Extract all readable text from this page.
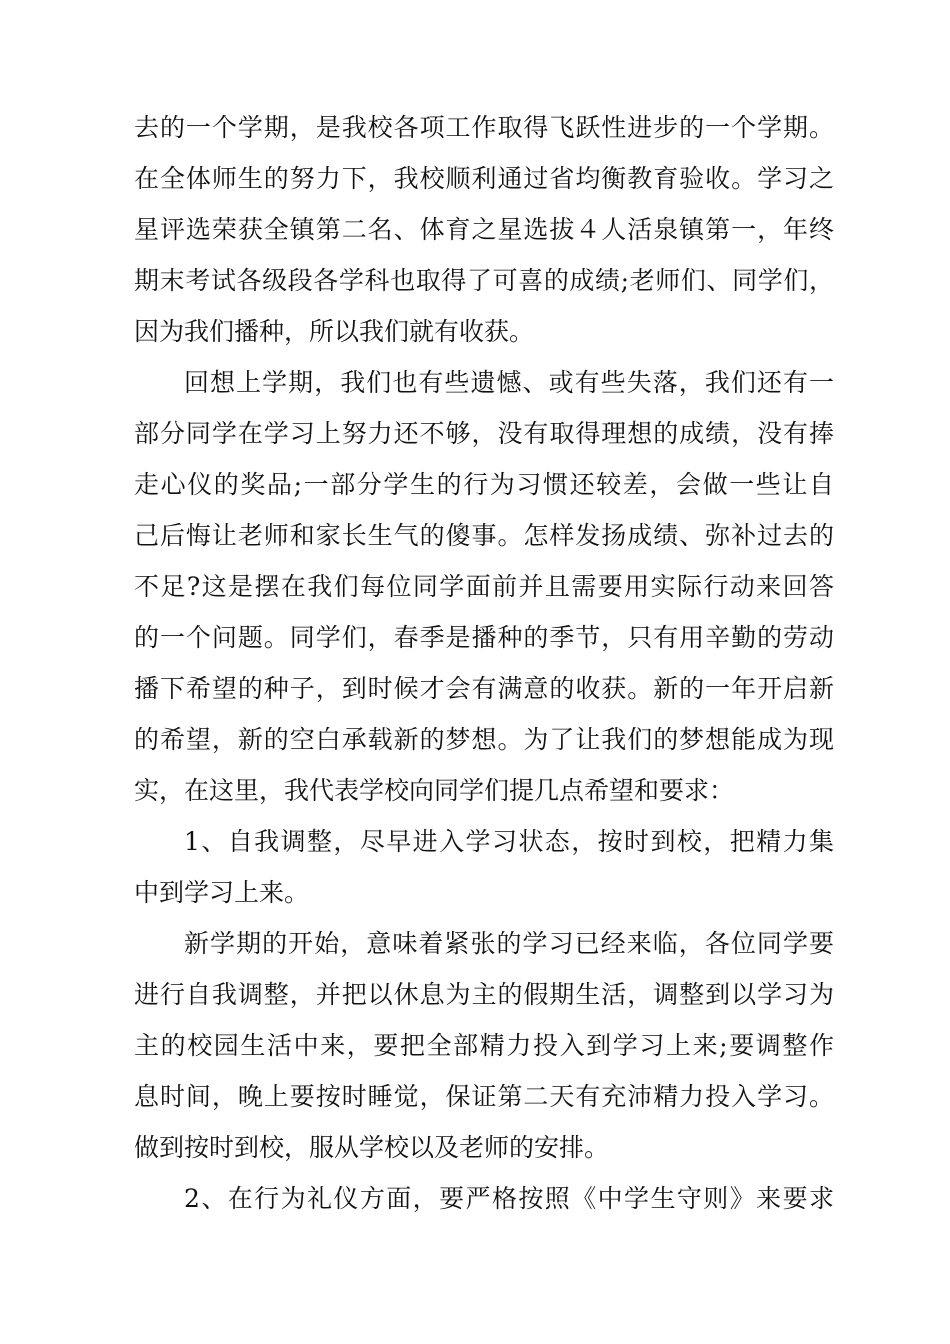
去的一个学期，是我校各项工作取得飞跃性进步的一个学期。
在全体师生的努力下，我校顺利通过省均衡教育验收。学习之
星评选荣获全镇第二名、体育之星选拔４人活泉镇第一，年终
期末考试各级段各学科也取得了可喜的成绩;老师们、同学们，
因为我们播种，所以我们就有收获。
回想上学期，我们也有些遗憾、或有些失落，我们还有一
部分同学在学习上努力还不够，没有取得理想的成绩，没有捧
走心仪的奖品;一部分学生的行为习惯还较差，会做一些让自
己后悔让老师和家长生气的傻事。怎样发扬成绩、弥补过去的
不足?这是摆在我们每位同学面前并且需要用实际行动来回答
的一个问题。同学们，春季是播种的季节，只有用辛勤的劳动
播下希望的种子，到时候才会有满意的收获。新的一年开启新
的希望，新的空白承载新的梦想。为了让我们的梦想能成为现
实，在这里，我代表学校向同学们提几点希望和要求：
1、自我调整，尽早进入学习状态，按时到校，把精力集
中到学习上来。
新学期的开始，意味着紧张的学习已经来临，各位同学要
进行自我调整，并把以休息为主的假期生活，调整到以学习为
主的校园生活中来，要把全部精力投入到学习上来;要调整作
息时间，晚上要按时睡觉，保证第二天有充沛精力投入学习。
做到按时到校，服从学校以及老师的安排。
2、在行为礼仪方面，要严格按照《中学生守则》来要求
